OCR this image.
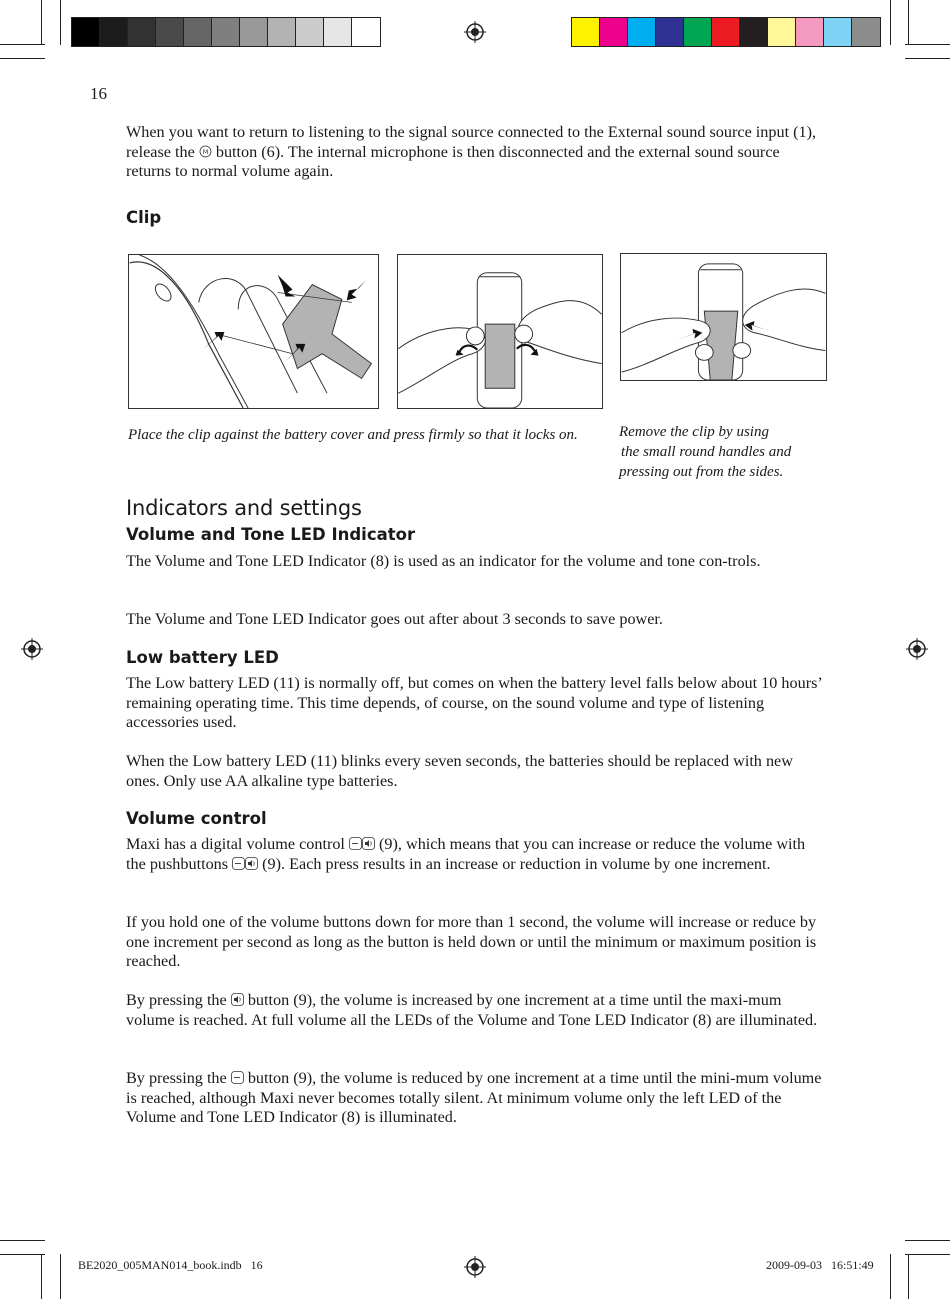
16

When you want to return to listening to the signal source connected to the External sound source input (1), release the M button (6). The internal microphone is then disconnected and the external sound source returns to normal volume again.

Clip
Place the clip against the battery cover and press firmly so that it locks on.	Remove the clip by using
the small round handles and
pressing out from the sides.
Indicators and settings
Volume and Tone LED Indicator

The Volume and Tone LED Indicator (8) is used as an indicator for the volume and tone con-trols.

The Volume and Tone LED Indicator goes out after about 3 seconds to save power.

Low battery LED

The Low battery LED (11) is normally off, but comes on when the battery level falls below about 10 hours’ remaining operating time. This time depends, of course, on the sound volume and type of listening accessories used.

When the Low battery LED (11) blinks every seven seconds, the batteries should be replaced with new ones. Only use AA alkaline type batteries.

Volume control

Maxi has a digital volume control  (9), which means that you can increase or reduce the volume with the pushbuttons  (9). Each press results in an increase or reduction in volume by one increment.

If you hold one of the volume buttons down for more than 1 second, the volume will increase or reduce by one increment per second as long as the button is held down or until the minimum or maximum position is reached.

By pressing the  button (9), the volume is increased by one increment at a time until the maxi-mum volume is reached. At full volume all the LEDs of the Volume and Tone LED Indicator (8) are illuminated.

By pressing the  button (9), the volume is reduced by one increment at a time until the mini-mum volume is reached, although Maxi never becomes totally silent. At minimum volume only the left LED of the Volume and Tone LED Indicator (8) is illuminated.

BE2020_005MAN014_book.indb   16	2009-09-03   16:51:49
